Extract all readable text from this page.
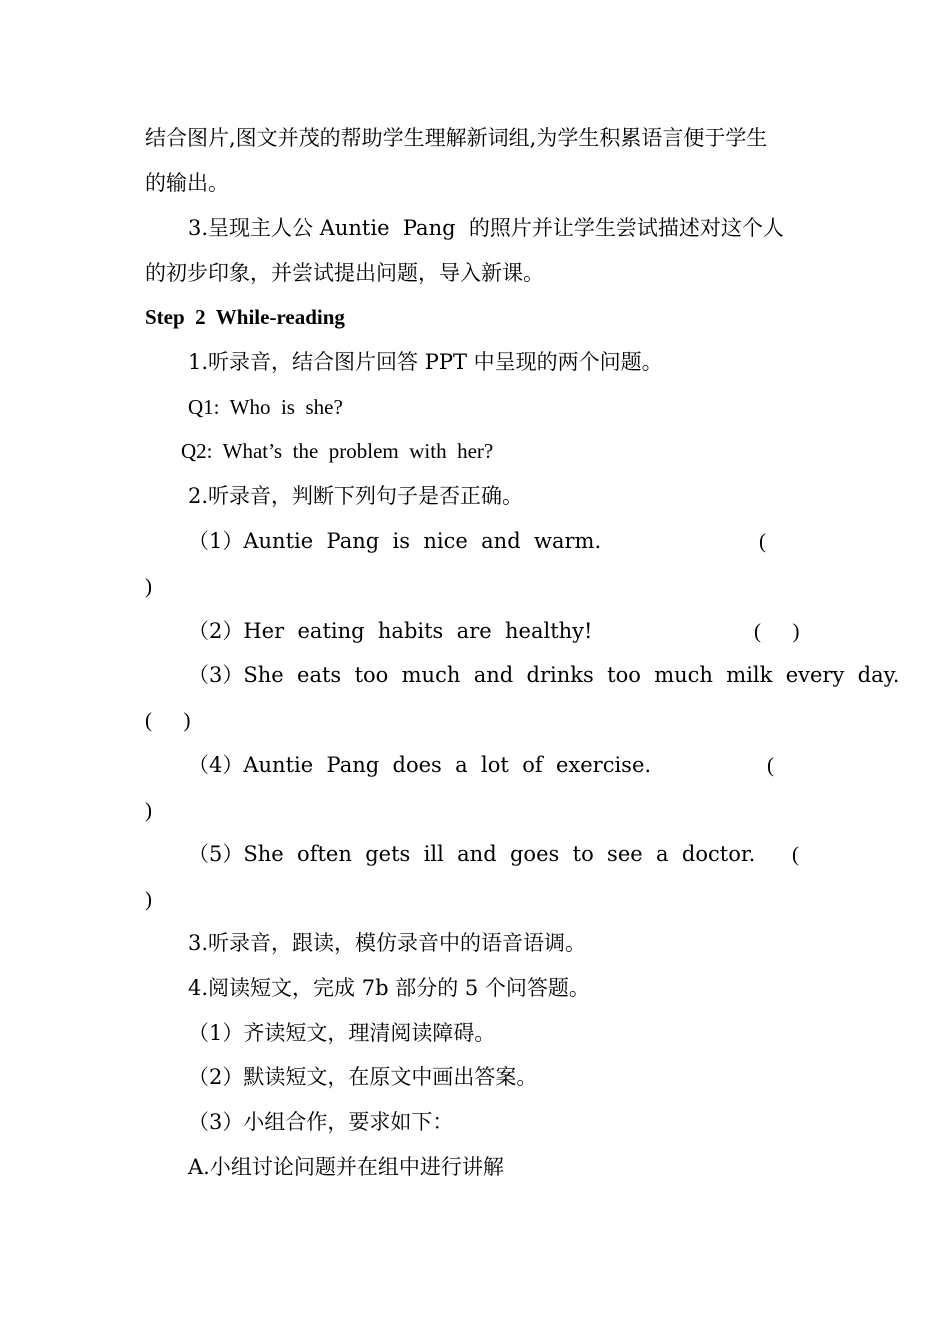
结合图片,图文并茂的帮助学生理解新词组,为学生积累语言便于学生
的输出。
3.呈现主人公 Auntie  Pang  的照片并让学生尝试描述对这个人
的初步印象，并尝试提出问题，导入新课。
Step  2  While-reading
1.听录音，结合图片回答 PPT 中呈现的两个问题。
Q1:  Who  is  she?
Q2:  What’s  the  problem  with  her?
2.听录音，判断下列句子是否正确。
（1）Auntie  Pang  is  nice  and  warm.	(
)
（2）Her  eating  habits  are  healthy!	(      )
（3）She  eats  too  much  and  drinks  too  much  milk  every  day.
(      )
（4）Auntie  Pang  does  a  lot  of  exercise.	(
)
（5）She  often  gets  ill  and  goes  to  see  a  doctor. (
)
3.听录音，跟读，模仿录音中的语音语调。
4.阅读短文，完成 7b 部分的 5 个问答题。
（1）齐读短文，理清阅读障碍。
（2）默读短文，在原文中画出答案。
（3）小组合作，要求如下：
A.小组讨论问题并在组中进行讲解
